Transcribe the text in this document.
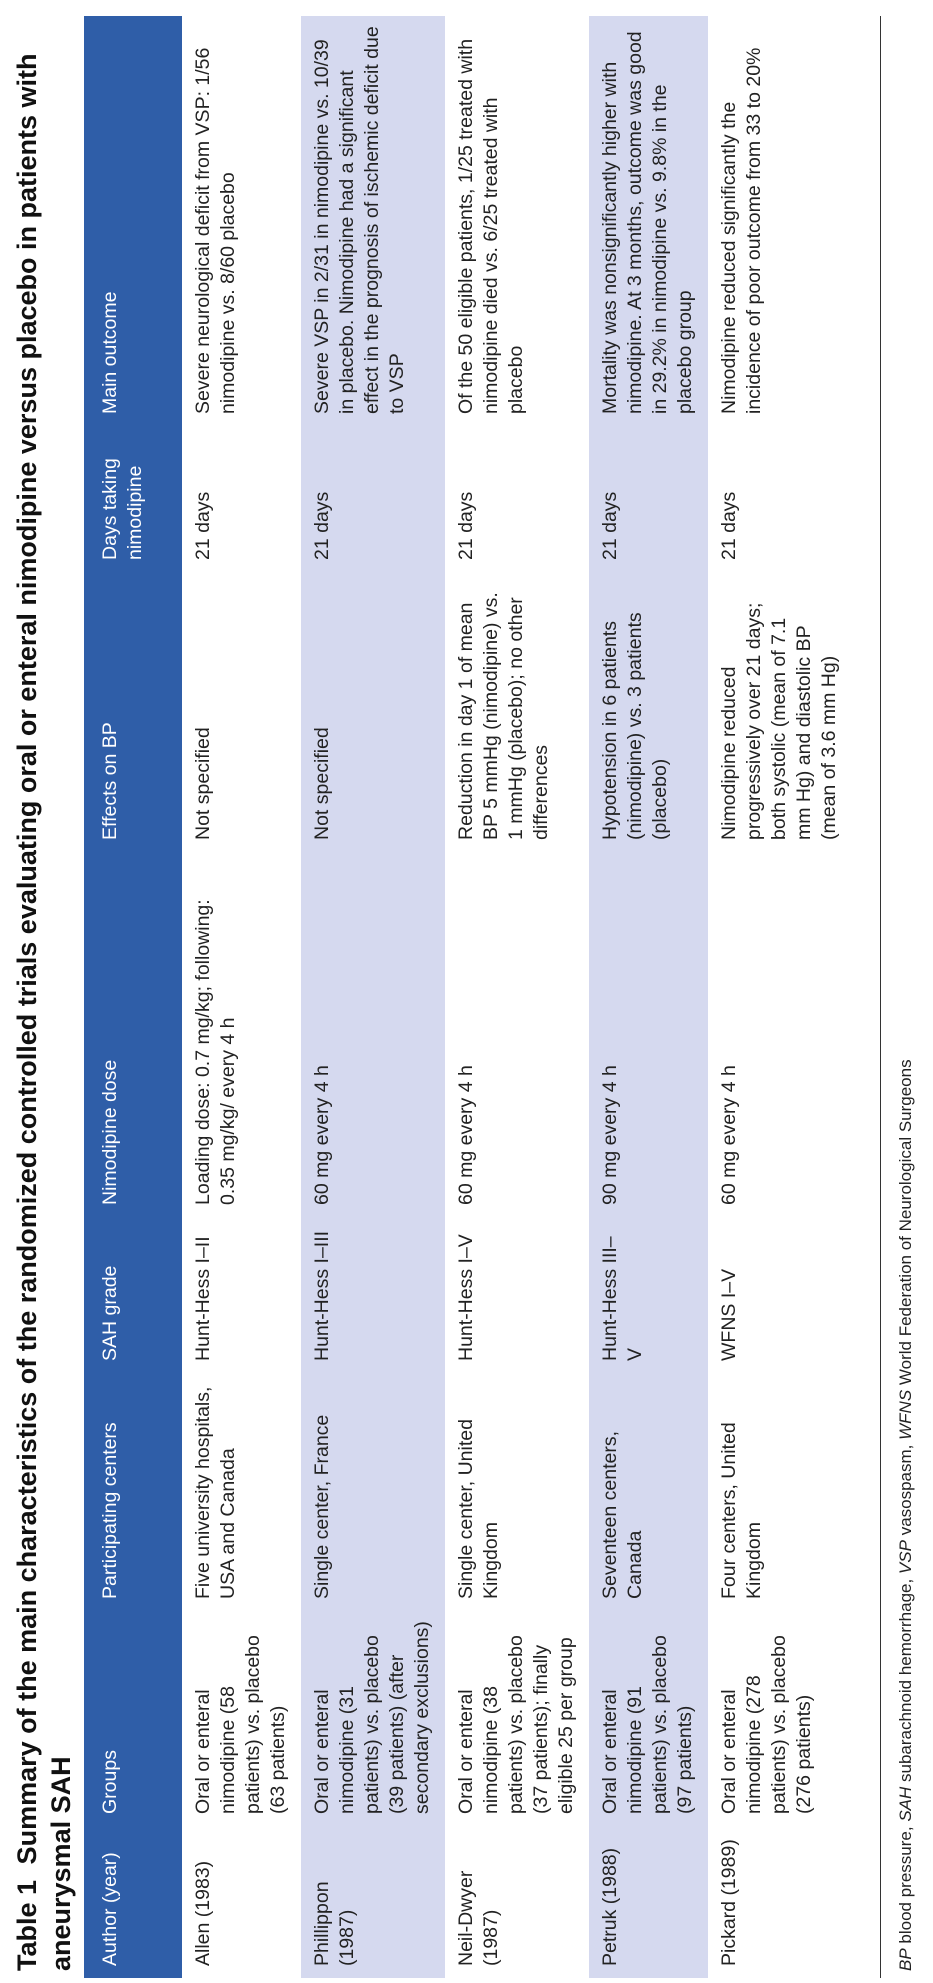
Table 1 Summary of the main characteristics of the randomized controlled trials evaluating oral or enteral nimodipine versus placebo in patients with aneurysmal SAH Author (year)	Groups	Participating centers	SAH grade	Nimodipine dose	Effects on BP	Days taking nimodipine	Main outcome
Allen (1983)	Oral or enteral nimodipine (58 patients) vs. placebo (63 patients)	Five university hospitals, USA and Canada	Hunt-Hess I–II	Loading dose: 0.7 mg/kg; following: 0.35 mg/kg/ every 4 h	Not specified	21 days	Severe neurological deficit from VSP: 1/56 nimodipine vs. 8/60 placebo
Phillippon (1987)	Oral or enteral nimodipine (31 patients) vs. placebo (39 patients) (after secondary exclusions)	Single center, France	Hunt-Hess I–III	60 mg every 4 h	Not specified	21 days	Severe VSP in 2/31 in nimodipine vs. 10/39 in placebo. Nimodipine had a significant effect in the prognosis of ischemic deficit due to VSP
Neil-Dwyer (1987)	Oral or enteral nimodipine (38 patients) vs. placebo (37 patients); finally eligible 25 per group	Single center, United Kingdom	Hunt-Hess I–V	60 mg every 4 h	Reduction in day 1 of mean BP 5 mmHg (nimodipine) vs. 1 mmHg (placebo); no other differences	21 days	Of the 50 eligible patients, 1/25 treated with nimodipine died vs. 6/25 treated with placebo
Petruk (1988)	Oral or enteral nimodipine (91 patients) vs. placebo (97 patients)	Seventeen centers, Canada	Hunt-Hess III–V	90 mg every 4 h	Hypotension in 6 patients (nimodipine) vs. 3 patients (placebo)	21 days	Mortality was nonsignificantly higher with nimodipine. At 3 months, outcome was good in 29.2% in nimodipine vs. 9.8% in the placebo group
Pickard (1989)	Oral or enteral nimodipine (278 patients) vs. placebo (276 patients)	Four centers, United Kingdom	WFNS I–V	60 mg every 4 h	Nimodipine reduced progressively over 21 days; both systolic (mean of 7.1 mm Hg) and diastolic BP (mean of 3.6 mm Hg)	21 days	Nimodipine reduced significantly the incidence of poor outcome from 33 to 20%
BP blood pressure, SAH subarachnoid hemorrhage, VSP vasospasm, WFNS World Federation of Neurological Surgeons
